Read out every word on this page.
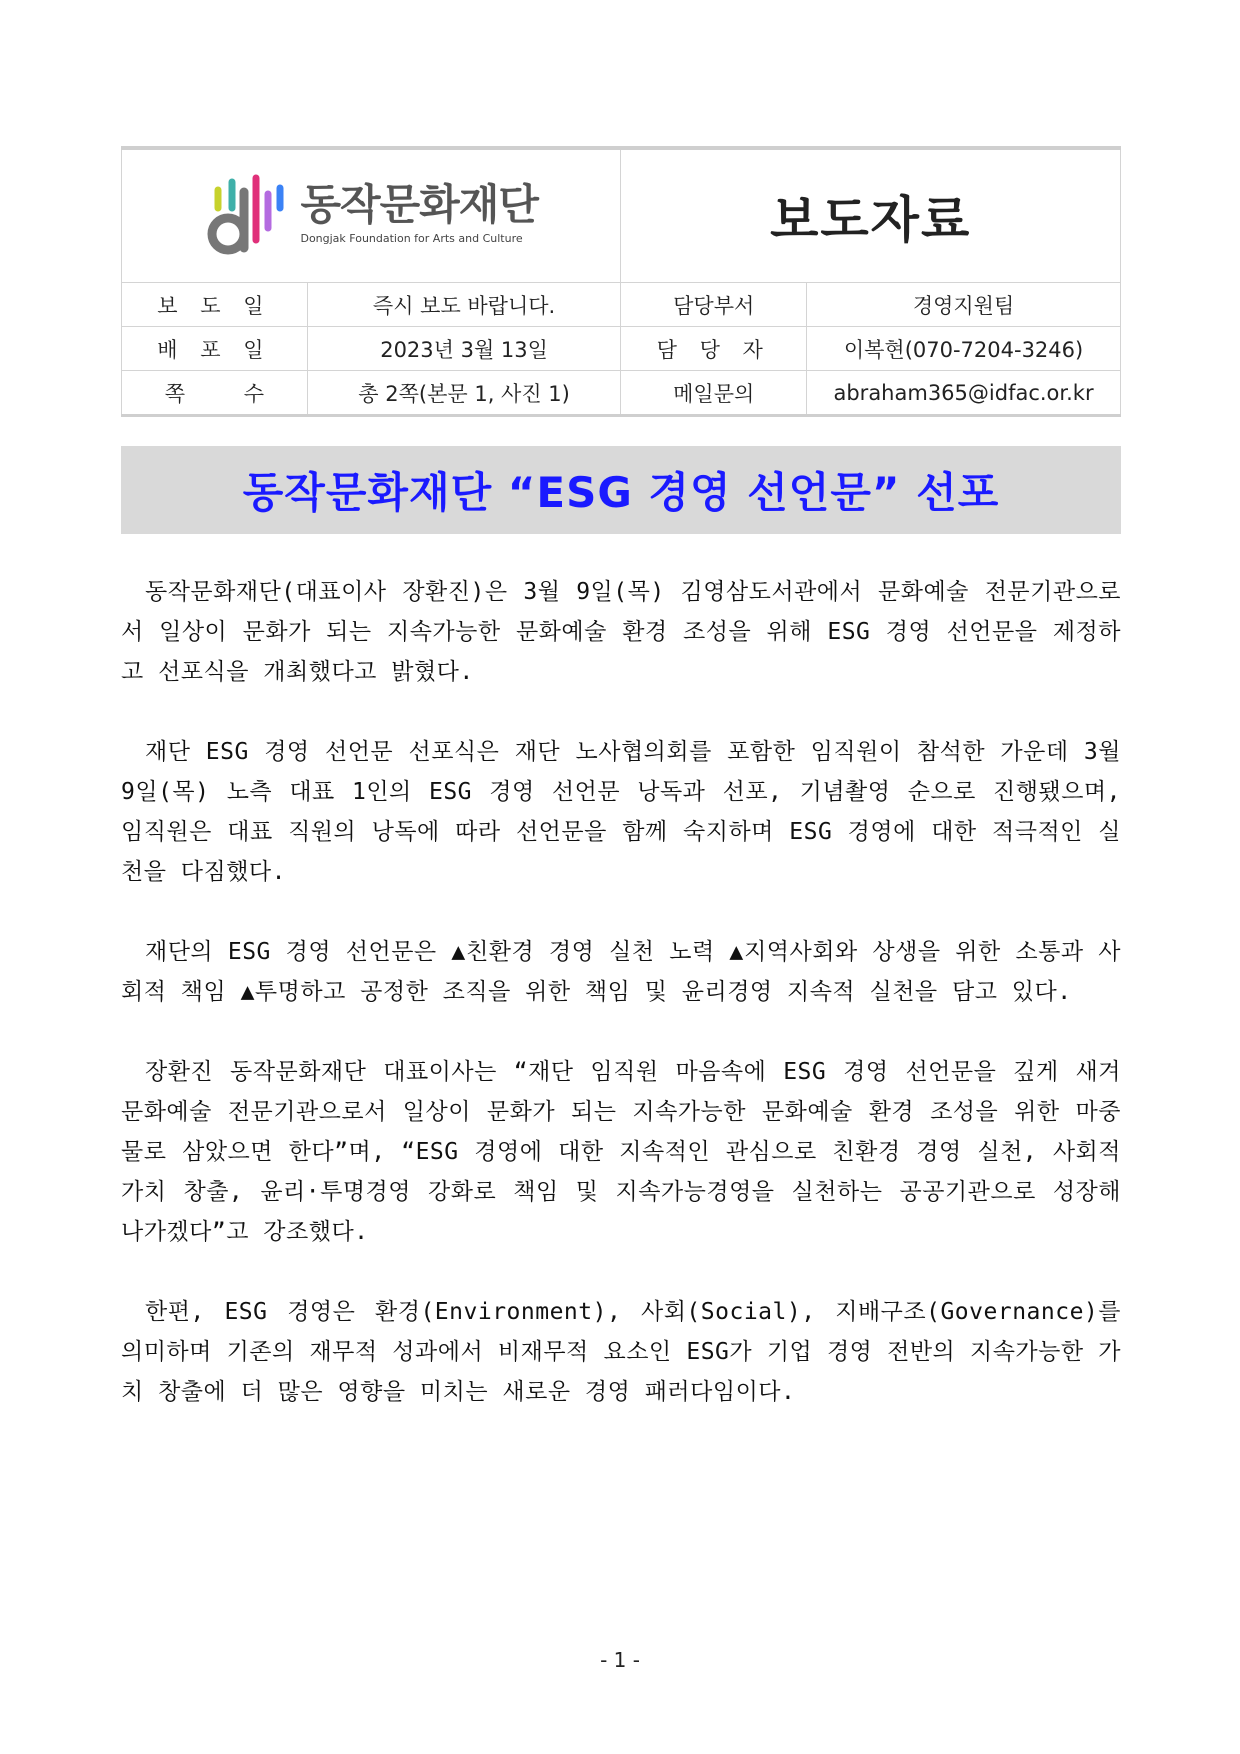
동작문화재단
Dongjak Foundation for Arts and Culture		보도자료	
보 도 일	즉시 보도 바랍니다.	담당부서	경영지원팀
배 포 일	2023년 3월 13일	담 당 자	이복현(070-7204-3246)
쪽 수	총 2쪽(본문 1, 사진 1)	메일문의	abraham365@idfac.or.kr
동작문화재단 “ESG 경영 선언문” 선포

동작문화재단(대표이사 장환진)은 3월 9일(목) 김영삼도서관에서 문화예술 전문기관으로서 일상이 문화가 되는 지속가능한 문화예술 환경 조성을 위해 ESG 경영 선언문을 제정하고 선포식을 개최했다고 밝혔다.

재단 ESG 경영 선언문 선포식은 재단 노사협의회를 포함한 임직원이 참석한 가운데 3월 9일(목) 노측 대표 1인의 ESG 경영 선언문 낭독과 선포, 기념촬영 순으로 진행됐으며, 임직원은 대표 직원의 낭독에 따라 선언문을 함께 숙지하며 ESG 경영에 대한 적극적인 실천을 다짐했다.

재단의 ESG 경영 선언문은 ▲친환경 경영 실천 노력 ▲지역사회와 상생을 위한 소통과 사회적 책임 ▲투명하고 공정한 조직을 위한 책임 및 윤리경영 지속적 실천을 담고 있다.

장환진 동작문화재단 대표이사는 “재단 임직원 마음속에 ESG 경영 선언문을 깊게 새겨 문화예술 전문기관으로서 일상이 문화가 되는 지속가능한 문화예술 환경 조성을 위한 마중물로 삼았으면 한다”며, “ESG 경영에 대한 지속적인 관심으로 친환경 경영 실천, 사회적 가치 창출, 윤리·투명경영 강화로 책임 및 지속가능경영을 실천하는 공공기관으로 성장해 나가겠다”고 강조했다.

한편, ESG 경영은 환경(Environment), 사회(Social), 지배구조(Governance)를 의미하며 기존의 재무적 성과에서 비재무적 요소인 ESG가 기업 경영 전반의 지속가능한 가치 창출에 더 많은 영향을 미치는 새로운 경영 패러다임이다.

- 1 -
